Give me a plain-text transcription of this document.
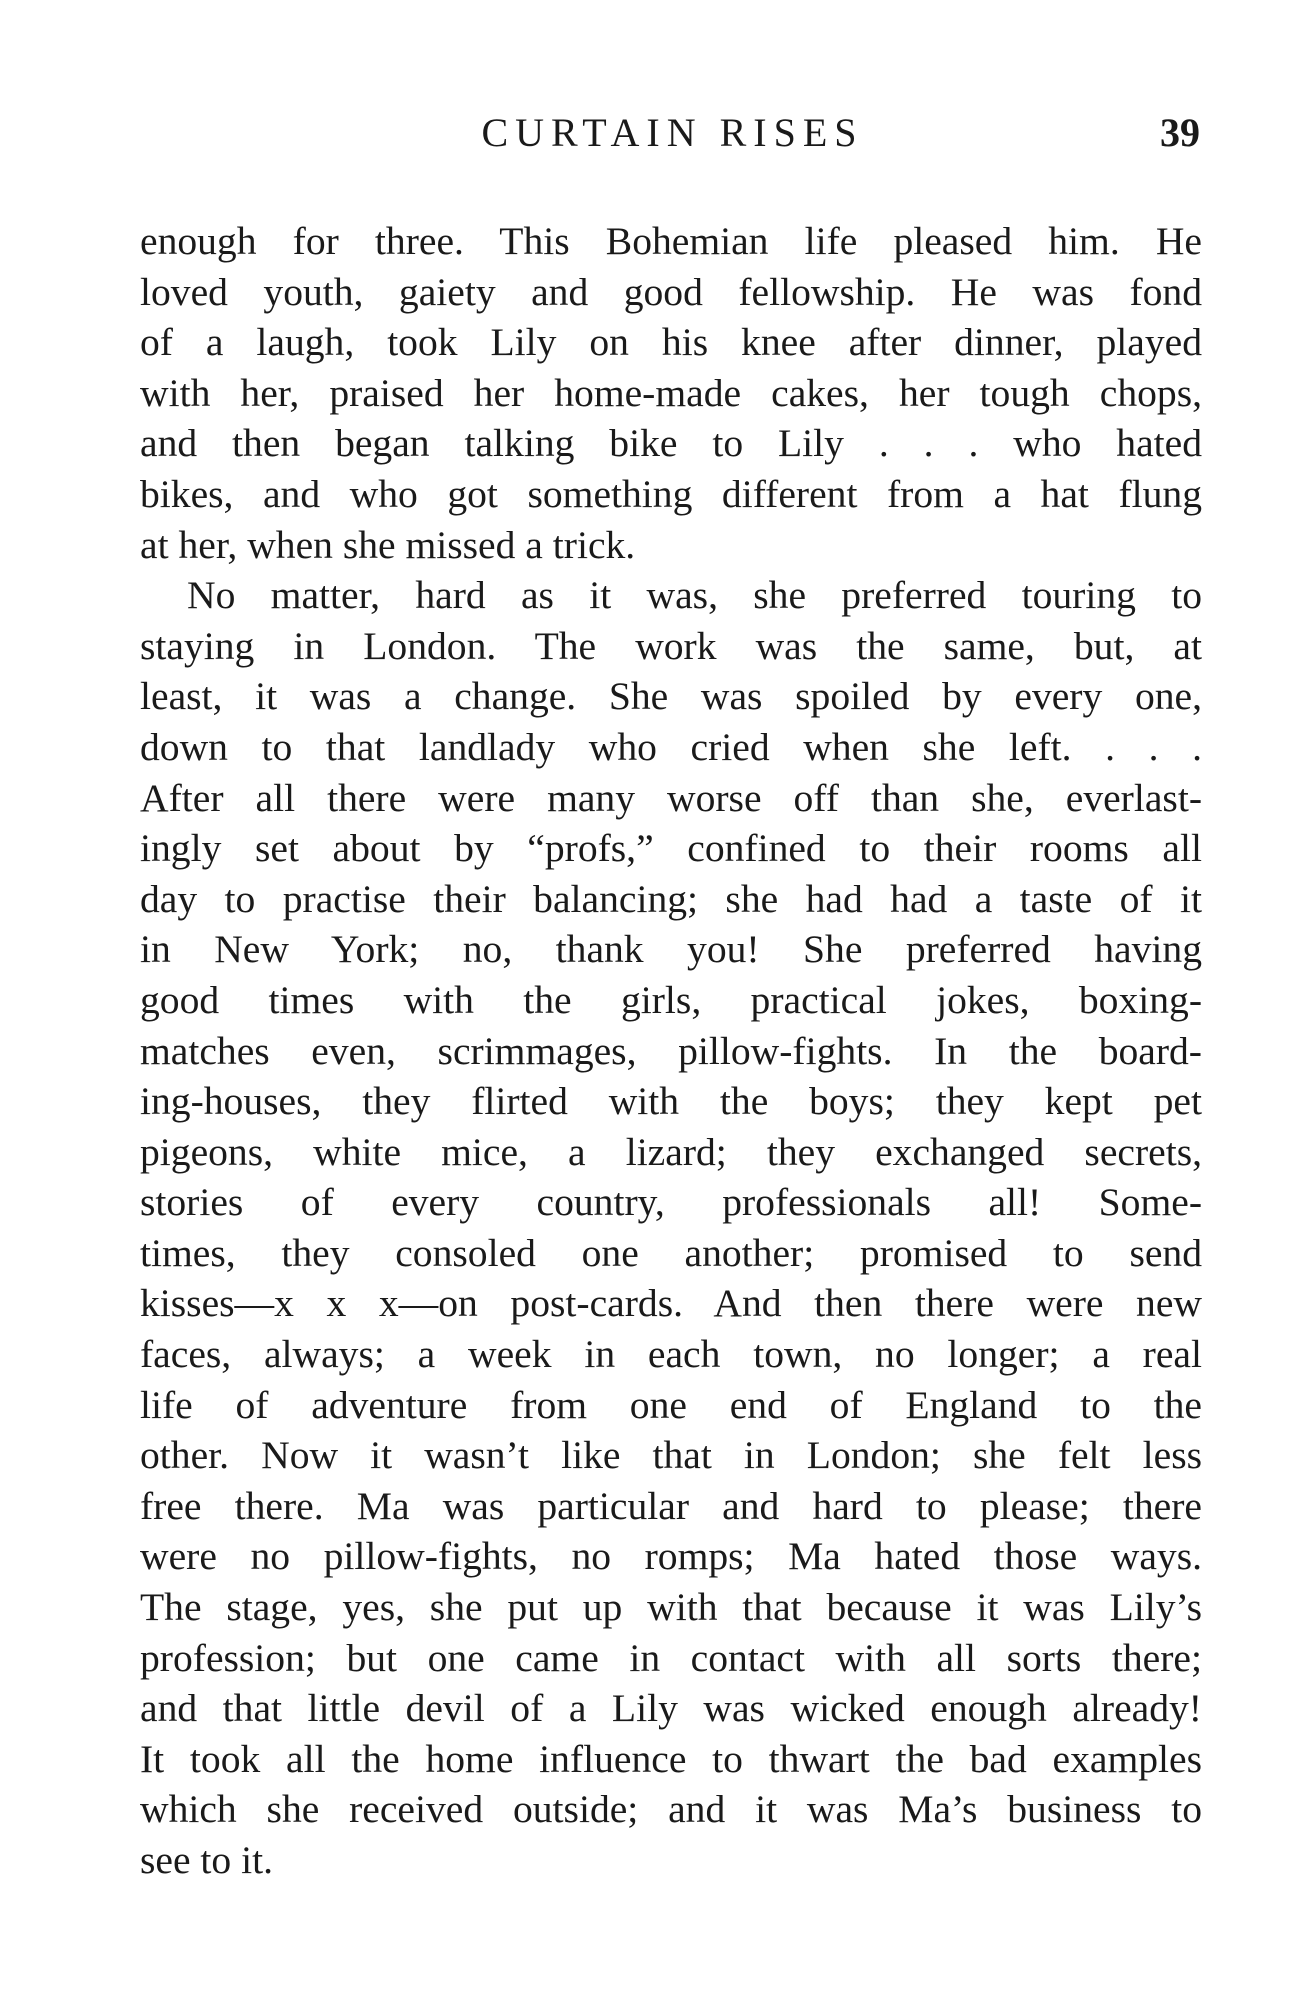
CURTAIN RISES	39
enough for three. This Bohemian life pleased him. He
loved youth, gaiety and good fellowship. He was fond
of a laugh, took Lily on his knee after dinner, played
with her, praised her home-made cakes, her tough chops,
and then began talking bike to Lily . . . who hated
bikes, and who got something different from a hat flung
at her, when she missed a trick.
No matter, hard as it was, she preferred touring to
staying in London. The work was the same, but, at
least, it was a change. She was spoiled by every one,
down to that landlady who cried when she left. . . .
After all there were many worse off than she, everlast-
ingly set about by “profs,” confined to their rooms all
day to practise their balancing; she had had a taste of it
in New York; no, thank you! She preferred having
good times with the girls, practical jokes, boxing-
matches even, scrimmages, pillow-fights. In the board-
ing-houses, they flirted with the boys; they kept pet
pigeons, white mice, a lizard; they exchanged secrets,
stories of every country, professionals all! Some-
times, they consoled one another; promised to send
kisses—x x x—on post-cards. And then there were new
faces, always; a week in each town, no longer; a real
life of adventure from one end of England to the
other. Now it wasn’t like that in London; she felt less
free there. Ma was particular and hard to please; there
were no pillow-fights, no romps; Ma hated those ways.
The stage, yes, she put up with that because it was Lily’s
profession; but one came in contact with all sorts there;
and that little devil of a Lily was wicked enough already!
It took all the home influence to thwart the bad examples
which she received outside; and it was Ma’s business to
see to it.
